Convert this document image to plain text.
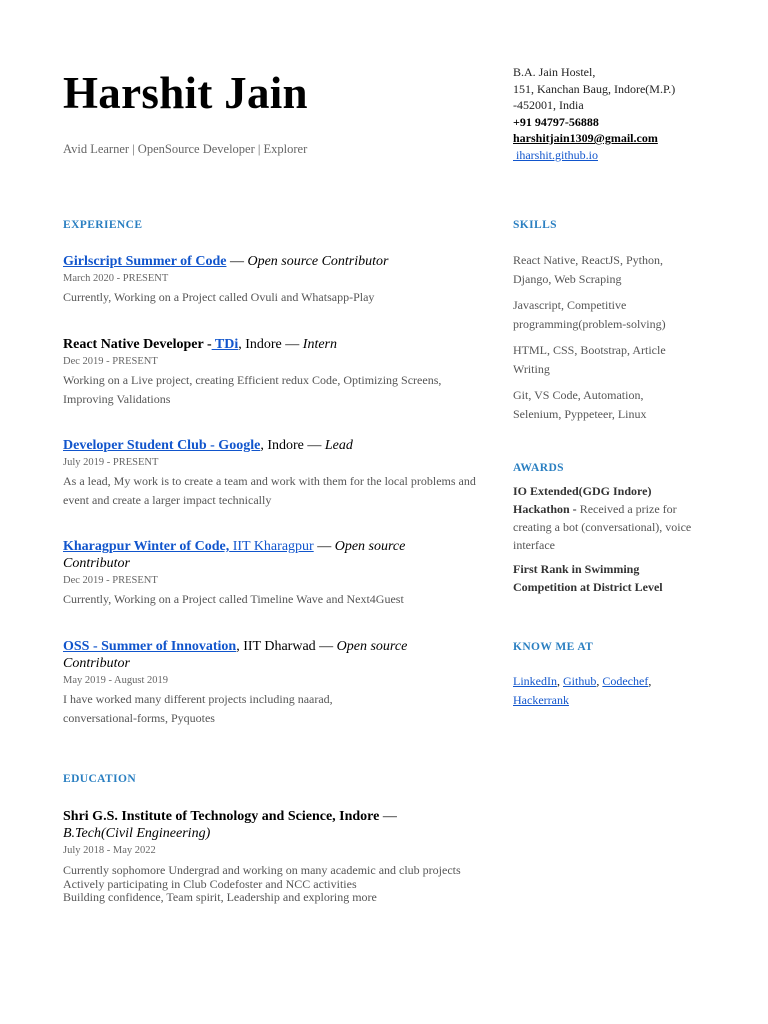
Harshit Jain
Avid Learner | OpenSource Developer | Explorer
B.A. Jain Hostel,
151, Kanchan Baug, Indore(M.P.)
-452001, India
+91 94797-56888
harshitjain1309@gmail.com
iharshit.github.io
EXPERIENCE
Girlscript Summer of Code — Open source Contributor
March 2020 - PRESENT
Currently, Working on a Project called Ovuli and Whatsapp-Play
React Native Developer - TDi, Indore — Intern
Dec 2019 - PRESENT
Working on a Live project, creating Efficient redux Code, Optimizing Screens, Improving Validations
Developer Student Club - Google, Indore — Lead
July 2019 - PRESENT
As a lead, My work is to create a team and work with them for the local problems and event and create a larger impact technically
Kharagpur Winter of Code, IIT Kharagpur — Open source Contributor
Dec 2019 - PRESENT
Currently, Working on a Project called Timeline Wave and Next4Guest
OSS - Summer of Innovation, IIT Dharwad — Open source Contributor
May 2019 - August 2019
I have worked many different projects including naarad, conversational-forms, Pyquotes
EDUCATION
Shri G.S. Institute of Technology and Science, Indore —
B.Tech(Civil Engineering)
July 2018 - May 2022
Currently sophomore Undergrad and working on many academic and club projects
Actively participating in Club Codefoster and NCC activities
Building confidence, Team spirit, Leadership and exploring more
SKILLS
React Native, ReactJS, Python, Django, Web Scraping
Javascript, Competitive programming(problem-solving)
HTML, CSS, Bootstrap, Article Writing
Git, VS Code, Automation, Selenium, Pyppeteer, Linux
AWARDS
IO Extended(GDG Indore) Hackathon - Received a prize for creating a bot (conversational), voice interface
First Rank in Swimming Competition at District Level
KNOW ME AT
LinkedIn, Github, Codechef,
Hackerrank
